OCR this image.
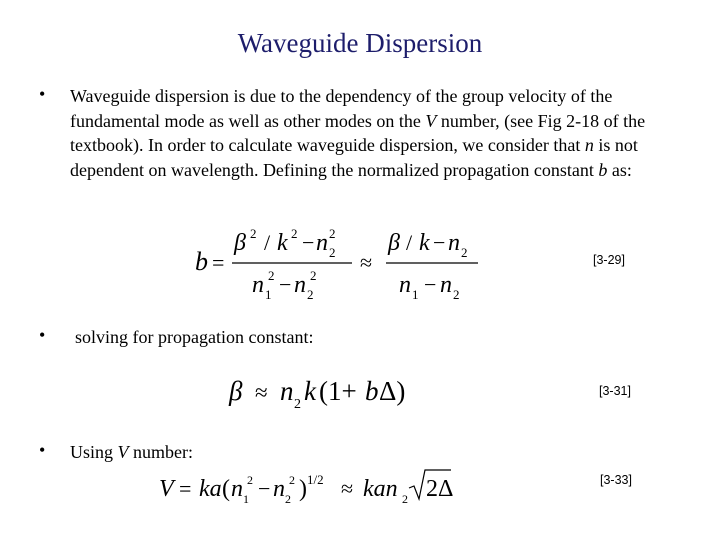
Waveguide Dispersion
• Waveguide dispersion is due to the dependency of the group velocity of the fundamental mode as well as other modes on the V number, (see Fig 2-18 of the textbook). In order to calculate waveguide dispersion, we consider that n is not dependent on wavelength. Defining the normalized propagation constant b as:
b =
β 2 / k 2 − n 2
2
n 1
2 − n 2
2
≈
β / k − n 2
n 1 − n 2
[3-29]
• solving for propagation constant:
β ≈ n 2 k (1+ b Δ)	[3-31]
• Using V number:
V = ka ( n 1
2 − n 2
2 ) 1/2 ≈ kan 2 2Δ	[3-33]
